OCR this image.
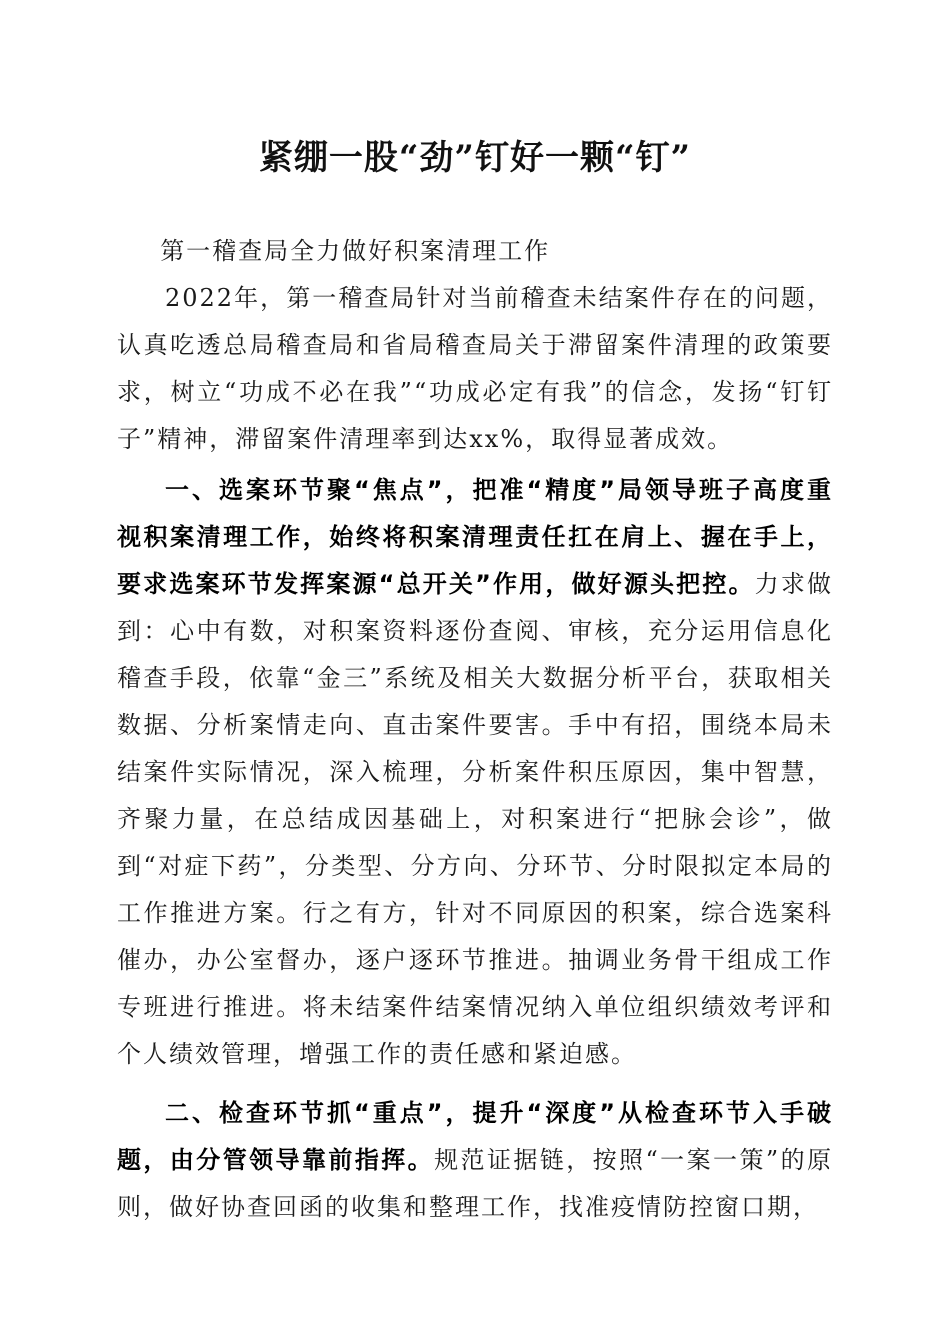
紧绷一股“劲”钉好一颗“钉”

第一稽查局全力做好积案清理工作

2022年，第一稽查局针对当前稽查未结案件存在的问题，认真吃透总局稽查局和省局稽查局关于滞留案件清理的政策要求，树立“功成不必在我”“功成必定有我”的信念，发扬“钉钉子”精神，滞留案件清理率到达xx%，取得显著成效。

一、选案环节聚“焦点”，把准“精度”局领导班子高度重视积案清理工作，始终将积案清理责任扛在肩上、握在手上，要求选案环节发挥案源“总开关”作用，做好源头把控。力求做到：心中有数，对积案资料逐份查阅、审核，充分运用信息化稽查手段，依靠“金三”系统及相关大数据分析平台，获取相关数据、分析案情走向、直击案件要害。手中有招，围绕本局未结案件实际情况，深入梳理，分析案件积压原因，集中智慧，齐聚力量，在总结成因基础上，对积案进行“把脉会诊”，做到“对症下药”，分类型、分方向、分环节、分时限拟定本局的工作推进方案。行之有方，针对不同原因的积案，综合选案科催办，办公室督办，逐户逐环节推进。抽调业务骨干组成工作专班进行推进。将未结案件结案情况纳入单位组织绩效考评和个人绩效管理，增强工作的责任感和紧迫感。

二、检查环节抓“重点”，提升“深度”从检查环节入手破题，由分管领导靠前指挥。规范证据链，按照“一案一策”的原则，做好协查回函的收集和整理工作，找准疫情防控窗口期，
